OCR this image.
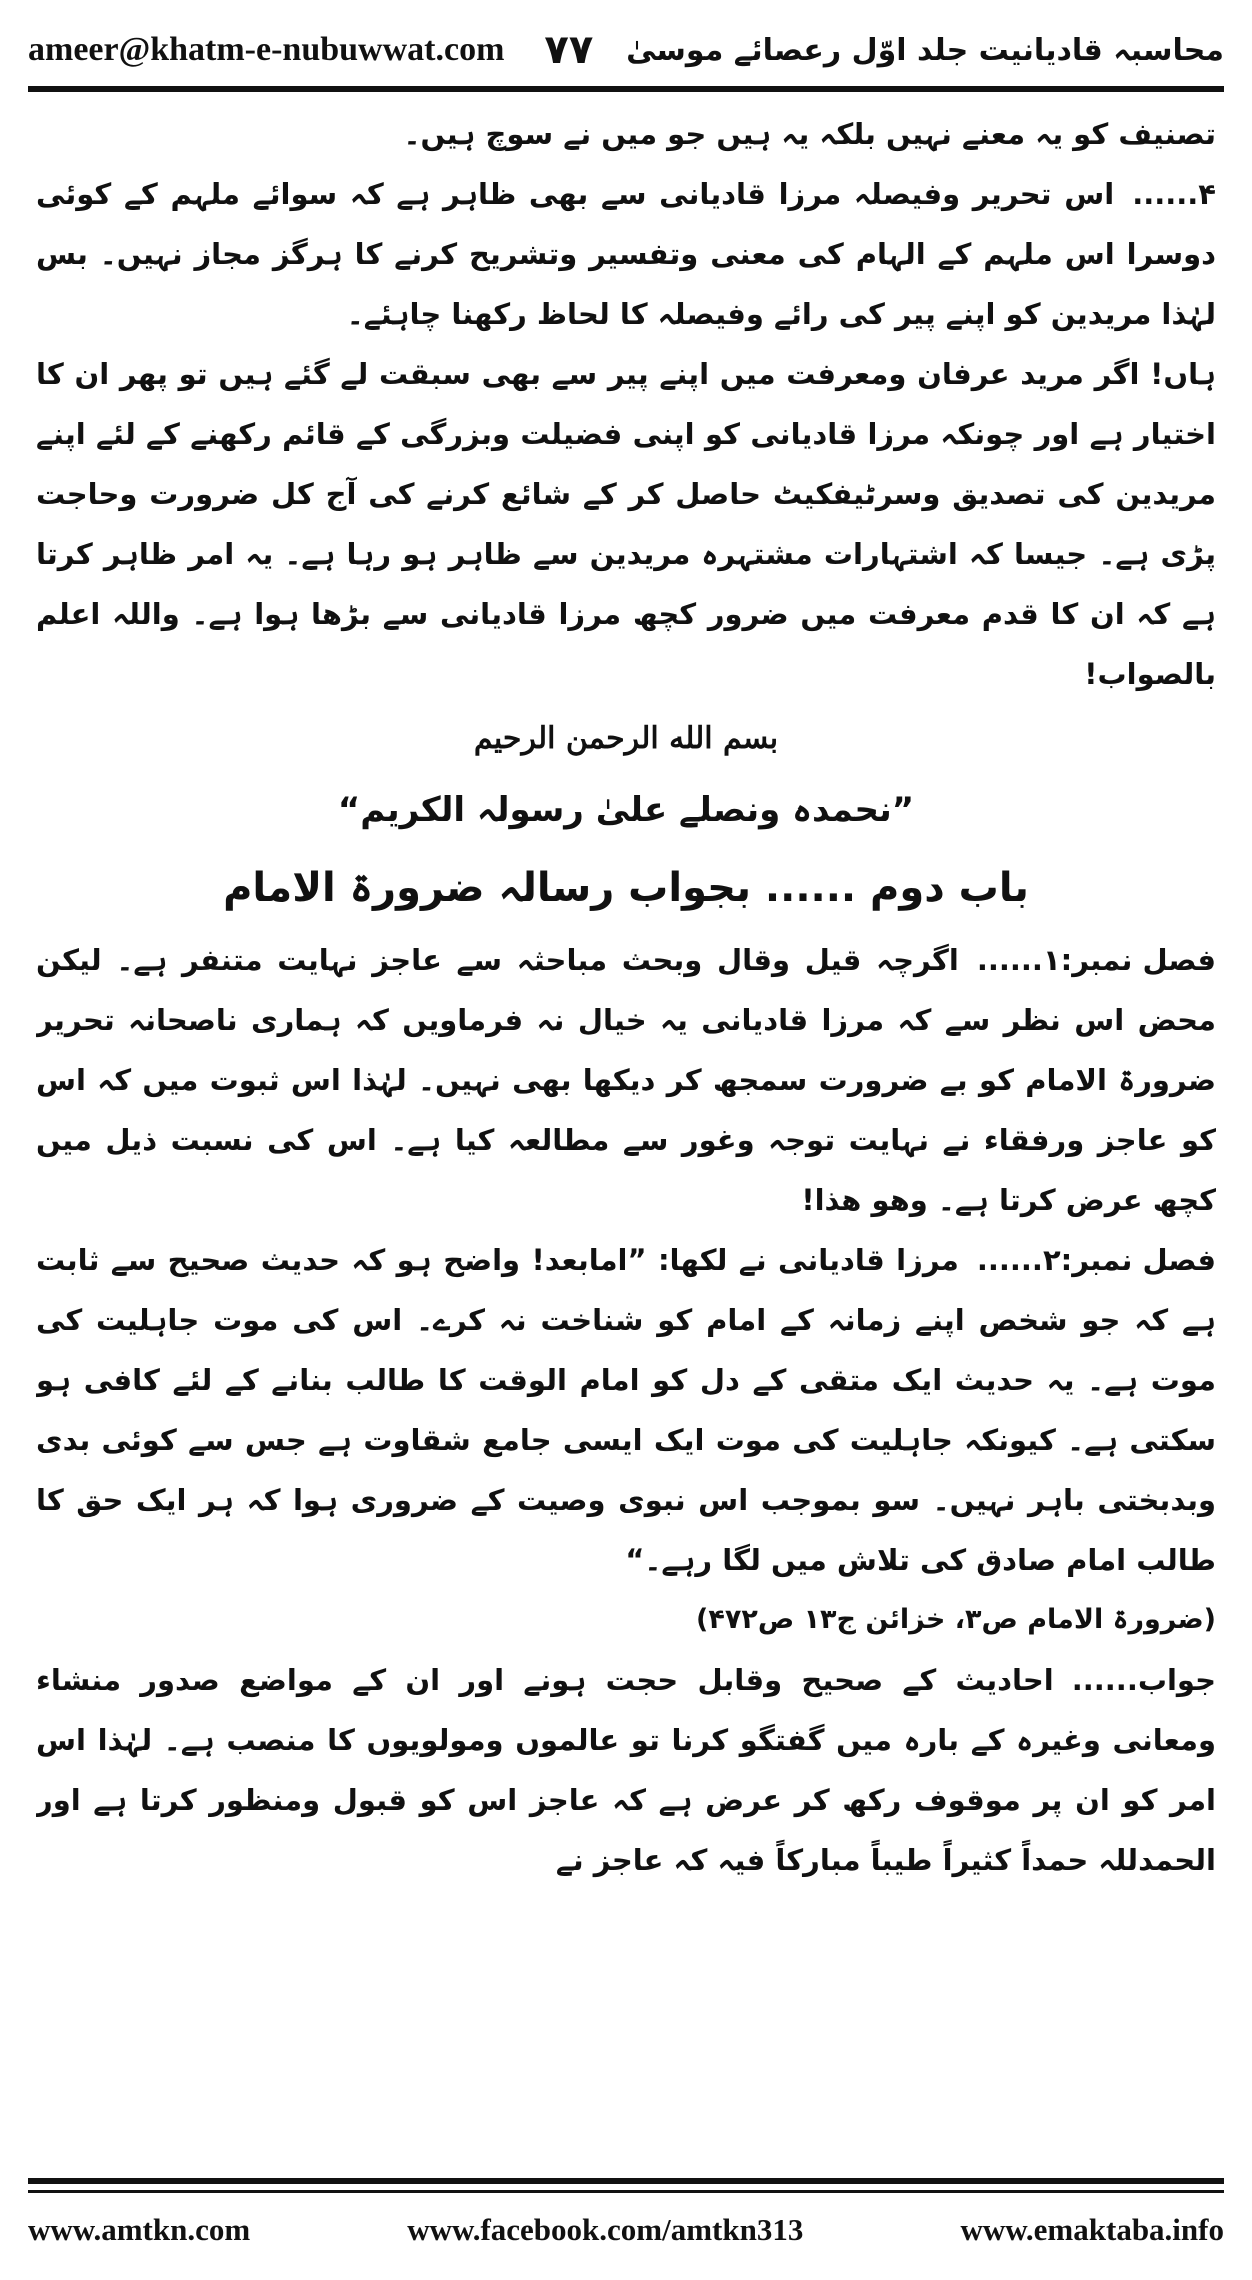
ameer@khatm-e-nubuwwat.com ۷۷ محاسبہ قادیانیت جلد اوّل رعصائے موسیٰ

تصنیف کو یہ معنے نہیں بلکہ یہ ہیں جو میں نے سوچ ہیں۔

۴......اس تحریر وفیصلہ مرزا قادیانی سے بھی ظاہر ہے کہ سوائے ملہم کے کوئی دوسرا اس ملہم کے الہام کی معنی وتفسیر وتشریح کرنے کا ہرگز مجاز نہیں۔ بس لہٰذا مریدین کو اپنے پیر کی رائے وفیصلہ کا لحاظ رکھنا چاہئے۔

ہاں! اگر مرید عرفان ومعرفت میں اپنے پیر سے بھی سبقت لے گئے ہیں تو پھر ان کا اختیار ہے اور چونکہ مرزا قادیانی کو اپنی فضیلت وبزرگی کے قائم رکھنے کے لئے اپنے مریدین کی تصدیق وسرٹیفکیٹ حاصل کر کے شائع کرنے کی آج کل ضرورت وحاجت پڑی ہے۔ جیسا کہ اشتہارات مشتہرہ مریدین سے ظاہر ہو رہا ہے۔ یہ امر ظاہر کرتا ہے کہ ان کا قدم معرفت میں ضرور کچھ مرزا قادیانی سے بڑھا ہوا ہے۔ واللہ اعلم بالصواب!

بسم الله الرحمن الرحيم

”نحمدہ ونصلے علیٰ رسولہ الکریم“

باب دوم ...... بجواب رسالہ ضرورۃ الامام

فصل نمبر:۱......اگرچہ قیل وقال وبحث مباحثہ سے عاجز نہایت متنفر ہے۔ لیکن محض اس نظر سے کہ مرزا قادیانی یہ خیال نہ فرماویں کہ ہماری ناصحانہ تحریر ضرورۃ الامام کو بے ضرورت سمجھ کر دیکھا بھی نہیں۔ لہٰذا اس ثبوت میں کہ اس کو عاجز ورفقاء نے نہایت توجہ وغور سے مطالعہ کیا ہے۔ اس کی نسبت ذیل میں کچھ عرض کرتا ہے۔ وھو ھذا!

فصل نمبر:۲......مرزا قادیانی نے لکھا: ”امابعد! واضح ہو کہ حدیث صحیح سے ثابت ہے کہ جو شخص اپنے زمانہ کے امام کو شناخت نہ کرے۔ اس کی موت جاہلیت کی موت ہے۔ یہ حدیث ایک متقی کے دل کو امام الوقت کا طالب بنانے کے لئے کافی ہو سکتی ہے۔ کیونکہ جاہلیت کی موت ایک ایسی جامع شقاوت ہے جس سے کوئی بدی وبدبختی باہر نہیں۔ سو بموجب اس نبوی وصیت کے ضروری ہوا کہ ہر ایک حق کا طالب امام صادق کی تلاش میں لگا رہے۔“

(ضرورۃ الامام ص۳، خزائن ج۱۳ ص۴۷۲)

جواب......احادیث کے صحیح وقابل حجت ہونے اور ان کے مواضع صدور منشاء ومعانی وغیرہ کے بارہ میں گفتگو کرنا تو عالموں ومولویوں کا منصب ہے۔ لہٰذا اس امر کو ان پر موقوف رکھ کر عرض ہے کہ عاجز اس کو قبول ومنظور کرتا ہے اور الحمدللہ حمداً کثیراً طیباً مبارکاً فیہ کہ عاجز نے

www.amtkn.com	www.facebook.com/amtkn313	www.emaktaba.info
